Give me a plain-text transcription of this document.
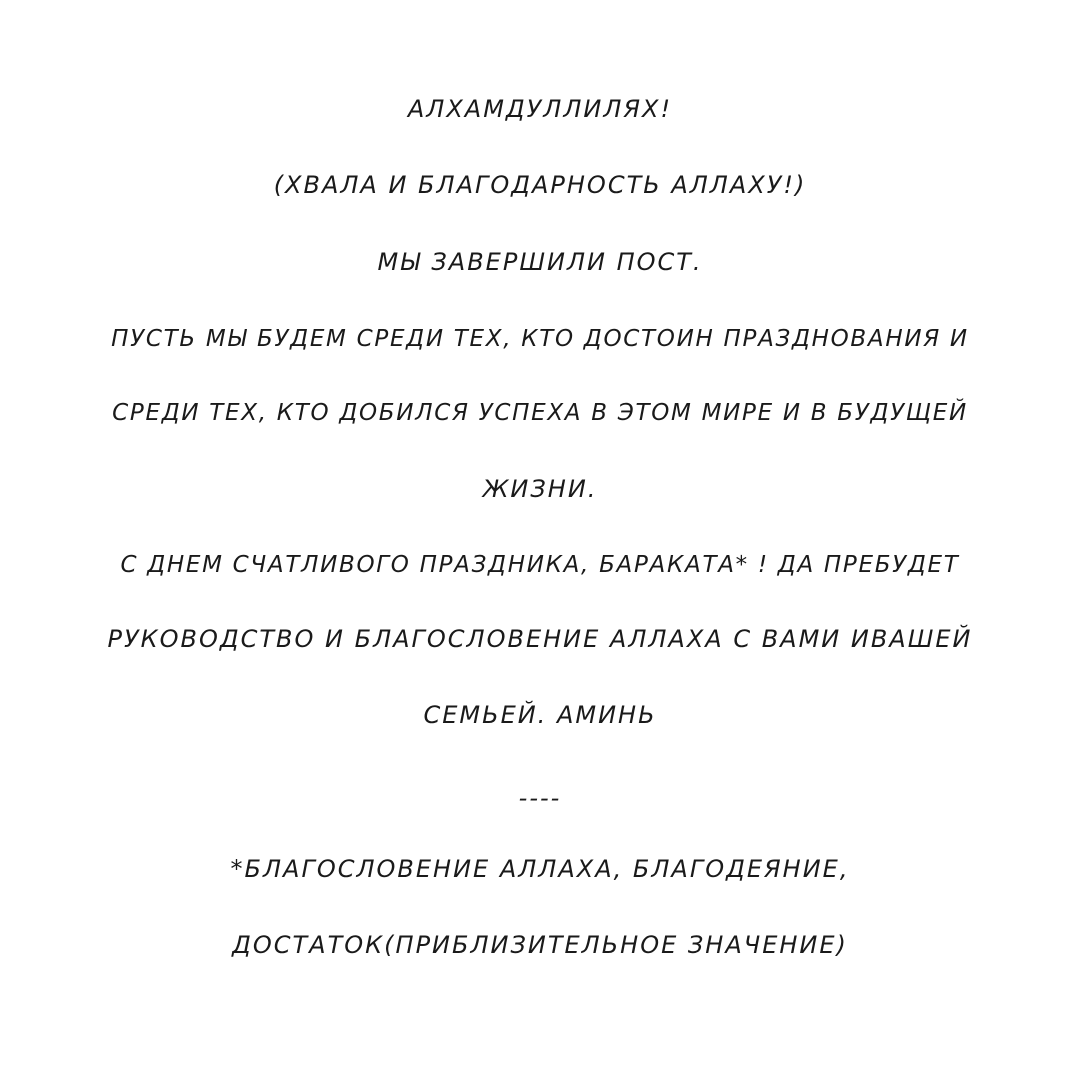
АЛХАМДУЛЛИЛЯХ!
(ХВАЛА И БЛАГОДАРНОСТЬ АЛЛАХУ!)
МЫ ЗАВЕРШИЛИ ПОСТ.
ПУСТЬ МЫ БУДЕМ СРЕДИ ТЕХ, КТО ДОСТОИН ПРАЗДНОВАНИЯ И
СРЕДИ ТЕХ, КТО ДОБИЛСЯ УСПЕХА В ЭТОМ МИРЕ И В БУДУЩЕЙ
ЖИЗНИ.
С ДНЕМ СЧАТЛИВОГО ПРАЗДНИКА, БАРАКАТА* ! ДА ПРЕБУДЕТ
РУКОВОДСТВО И БЛАГОСЛОВЕНИЕ АЛЛАХА С ВАМИ ИВАШЕЙ
СЕМЬЕЙ. АМИНЬ
----
*БЛАГОСЛОВЕНИЕ АЛЛАХА, БЛАГОДЕЯНИЕ,
ДОСТАТОК(ПРИБЛИЗИТЕЛЬНОЕ ЗНАЧЕНИЕ)
